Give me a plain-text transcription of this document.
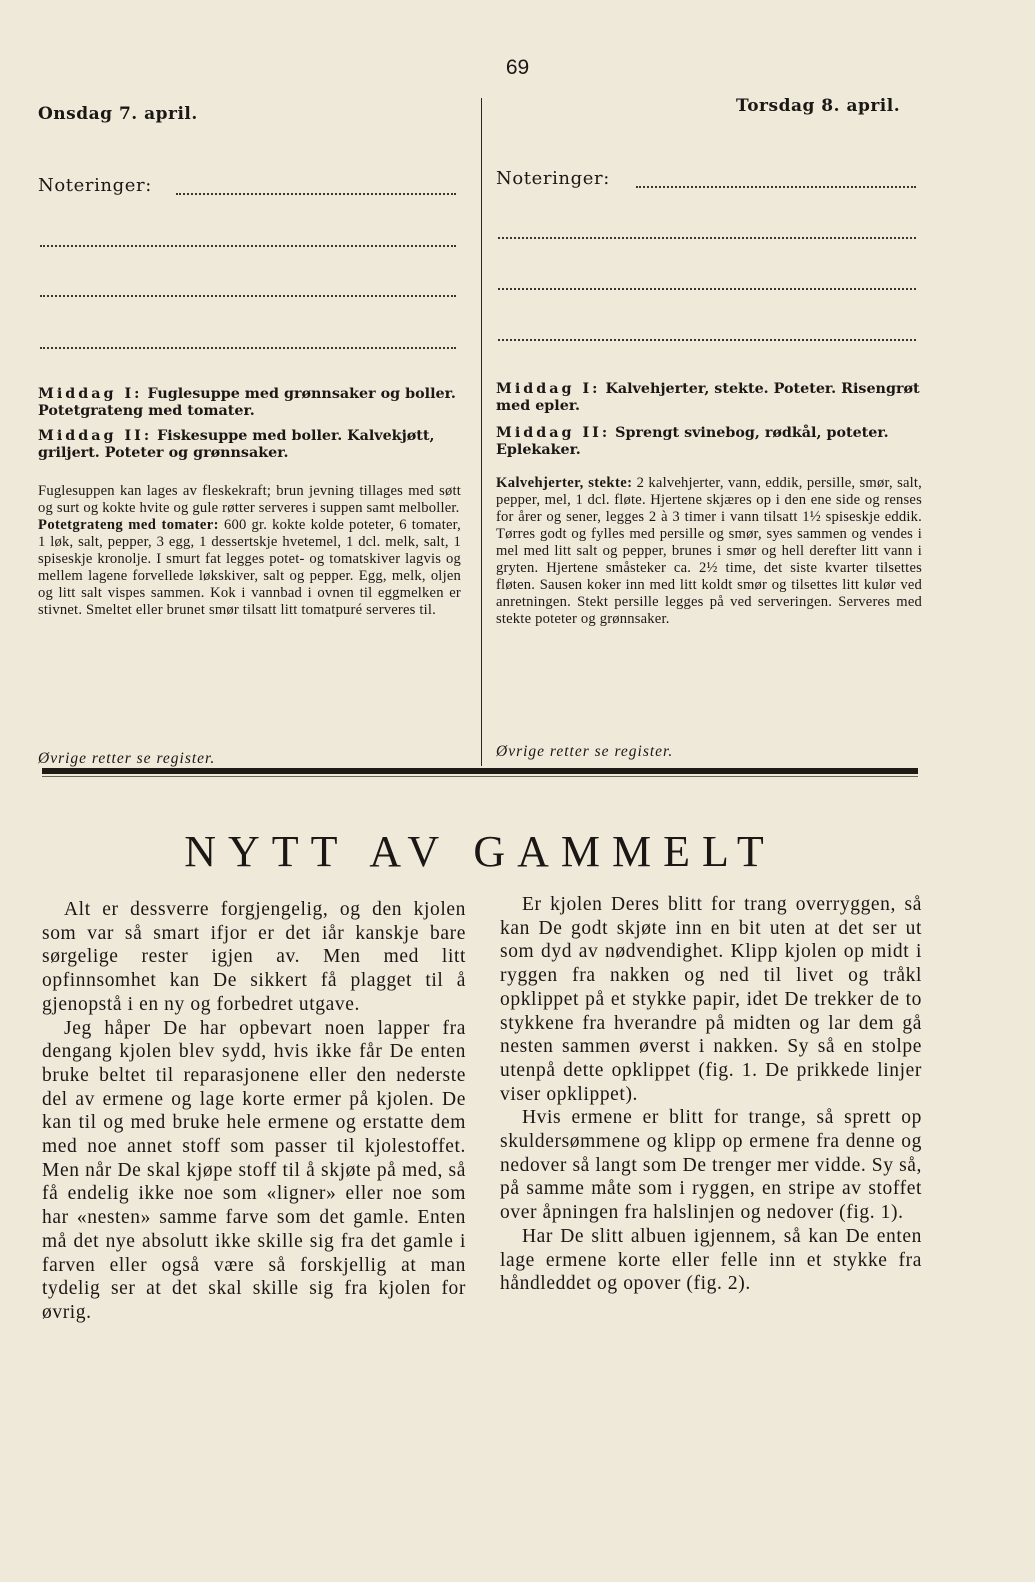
69
Onsdag 7. april.
Noteringer:
Middag I: Fuglesuppe med grønnsaker og boller. Potetgrateng med tomater.
Middag II: Fiskesuppe med boller. Kalvekjøtt, griljert. Poteter og grønnsaker.
Fuglesuppen kan lages av fleskekraft; brun jevning tillages med søtt og surt og kokte hvite og gule røtter serveres i suppen samt melboller.
Potetgrateng med tomater: 600 gr. kokte kolde poteter, 6 tomater, 1 løk, salt, pepper, 3 egg, 1 dessertskje hvetemel, 1 dcl. melk, salt, 1 spiseskje kronolje. I smurt fat legges potet- og tomatskiver lagvis og mellem lagene forvellede løkskiver, salt og pepper. Egg, melk, oljen og litt salt vispes sammen. Kok i vannbad i ovnen til eggmelken er stivnet. Smeltet eller brunet smør tilsatt litt tomatpuré serveres til.
Øvrige retter se register.
Torsdag 8. april.
Noteringer:
Middag I: Kalvehjerter, stekte. Poteter. Risengrøt med epler.
Middag II: Sprengt svinebog, rødkål, poteter. Eplekaker.
Kalvehjerter, stekte: 2 kalvehjerter, vann, eddik, persille, smør, salt, pepper, mel, 1 dcl. fløte. Hjertene skjæres op i den ene side og renses for årer og sener, legges 2 à 3 timer i vann tilsatt 1½ spiseskje eddik. Tørres godt og fylles med persille og smør, syes sammen og vendes i mel med litt salt og pepper, brunes i smør og hell derefter litt vann i gryten. Hjertene småsteker ca. 2½ time, det siste kvarter tilsettes fløten. Sausen koker inn med litt koldt smør og tilsettes litt kulør ved anretningen. Stekt persille legges på ved serveringen. Serveres med stekte poteter og grønnsaker.
Øvrige retter se register.
NYTT AV GAMMELT

Alt er dessverre forgjengelig, og den kjolen som var så smart ifjor er det iår kanskje bare sørgelige rester igjen av. Men med litt opfinnsomhet kan De sikkert få plagget til å gjenopstå i en ny og forbedret utgave.

Jeg håper De har opbevart noen lapper fra dengang kjolen blev sydd, hvis ikke får De enten bruke beltet til reparasjonene eller den nederste del av ermene og lage korte ermer på kjolen. De kan til og med bruke hele ermene og erstatte dem med noe annet stoff som passer til kjolestoffet. Men når De skal kjøpe stoff til å skjøte på med, så få endelig ikke noe som «ligner» eller noe som har «nesten» samme farve som det gamle. Enten må det nye absolutt ikke skille sig fra det gamle i farven eller også være så forskjellig at man tydelig ser at det skal skille sig fra kjolen for øvrig.

Er kjolen Deres blitt for trang overryggen, så kan De godt skjøte inn en bit uten at det ser ut som dyd av nødvendighet. Klipp kjolen op midt i ryggen fra nakken og ned til livet og tråkl opklippet på et stykke papir, idet De trekker de to stykkene fra hverandre på midten og lar dem gå nesten sammen øverst i nakken. Sy så en stolpe utenpå dette opklippet (fig. 1. De prikkede linjer viser opklippet).

Hvis ermene er blitt for trange, så sprett op skuldersømmene og klipp op ermene fra denne og nedover så langt som De trenger mer vidde. Sy så, på samme måte som i ryggen, en stripe av stoffet over åpningen fra halslinjen og nedover (fig. 1).

Har De slitt albuen igjennem, så kan De enten lage ermene korte eller felle inn et stykke fra håndleddet og opover (fig. 2).
